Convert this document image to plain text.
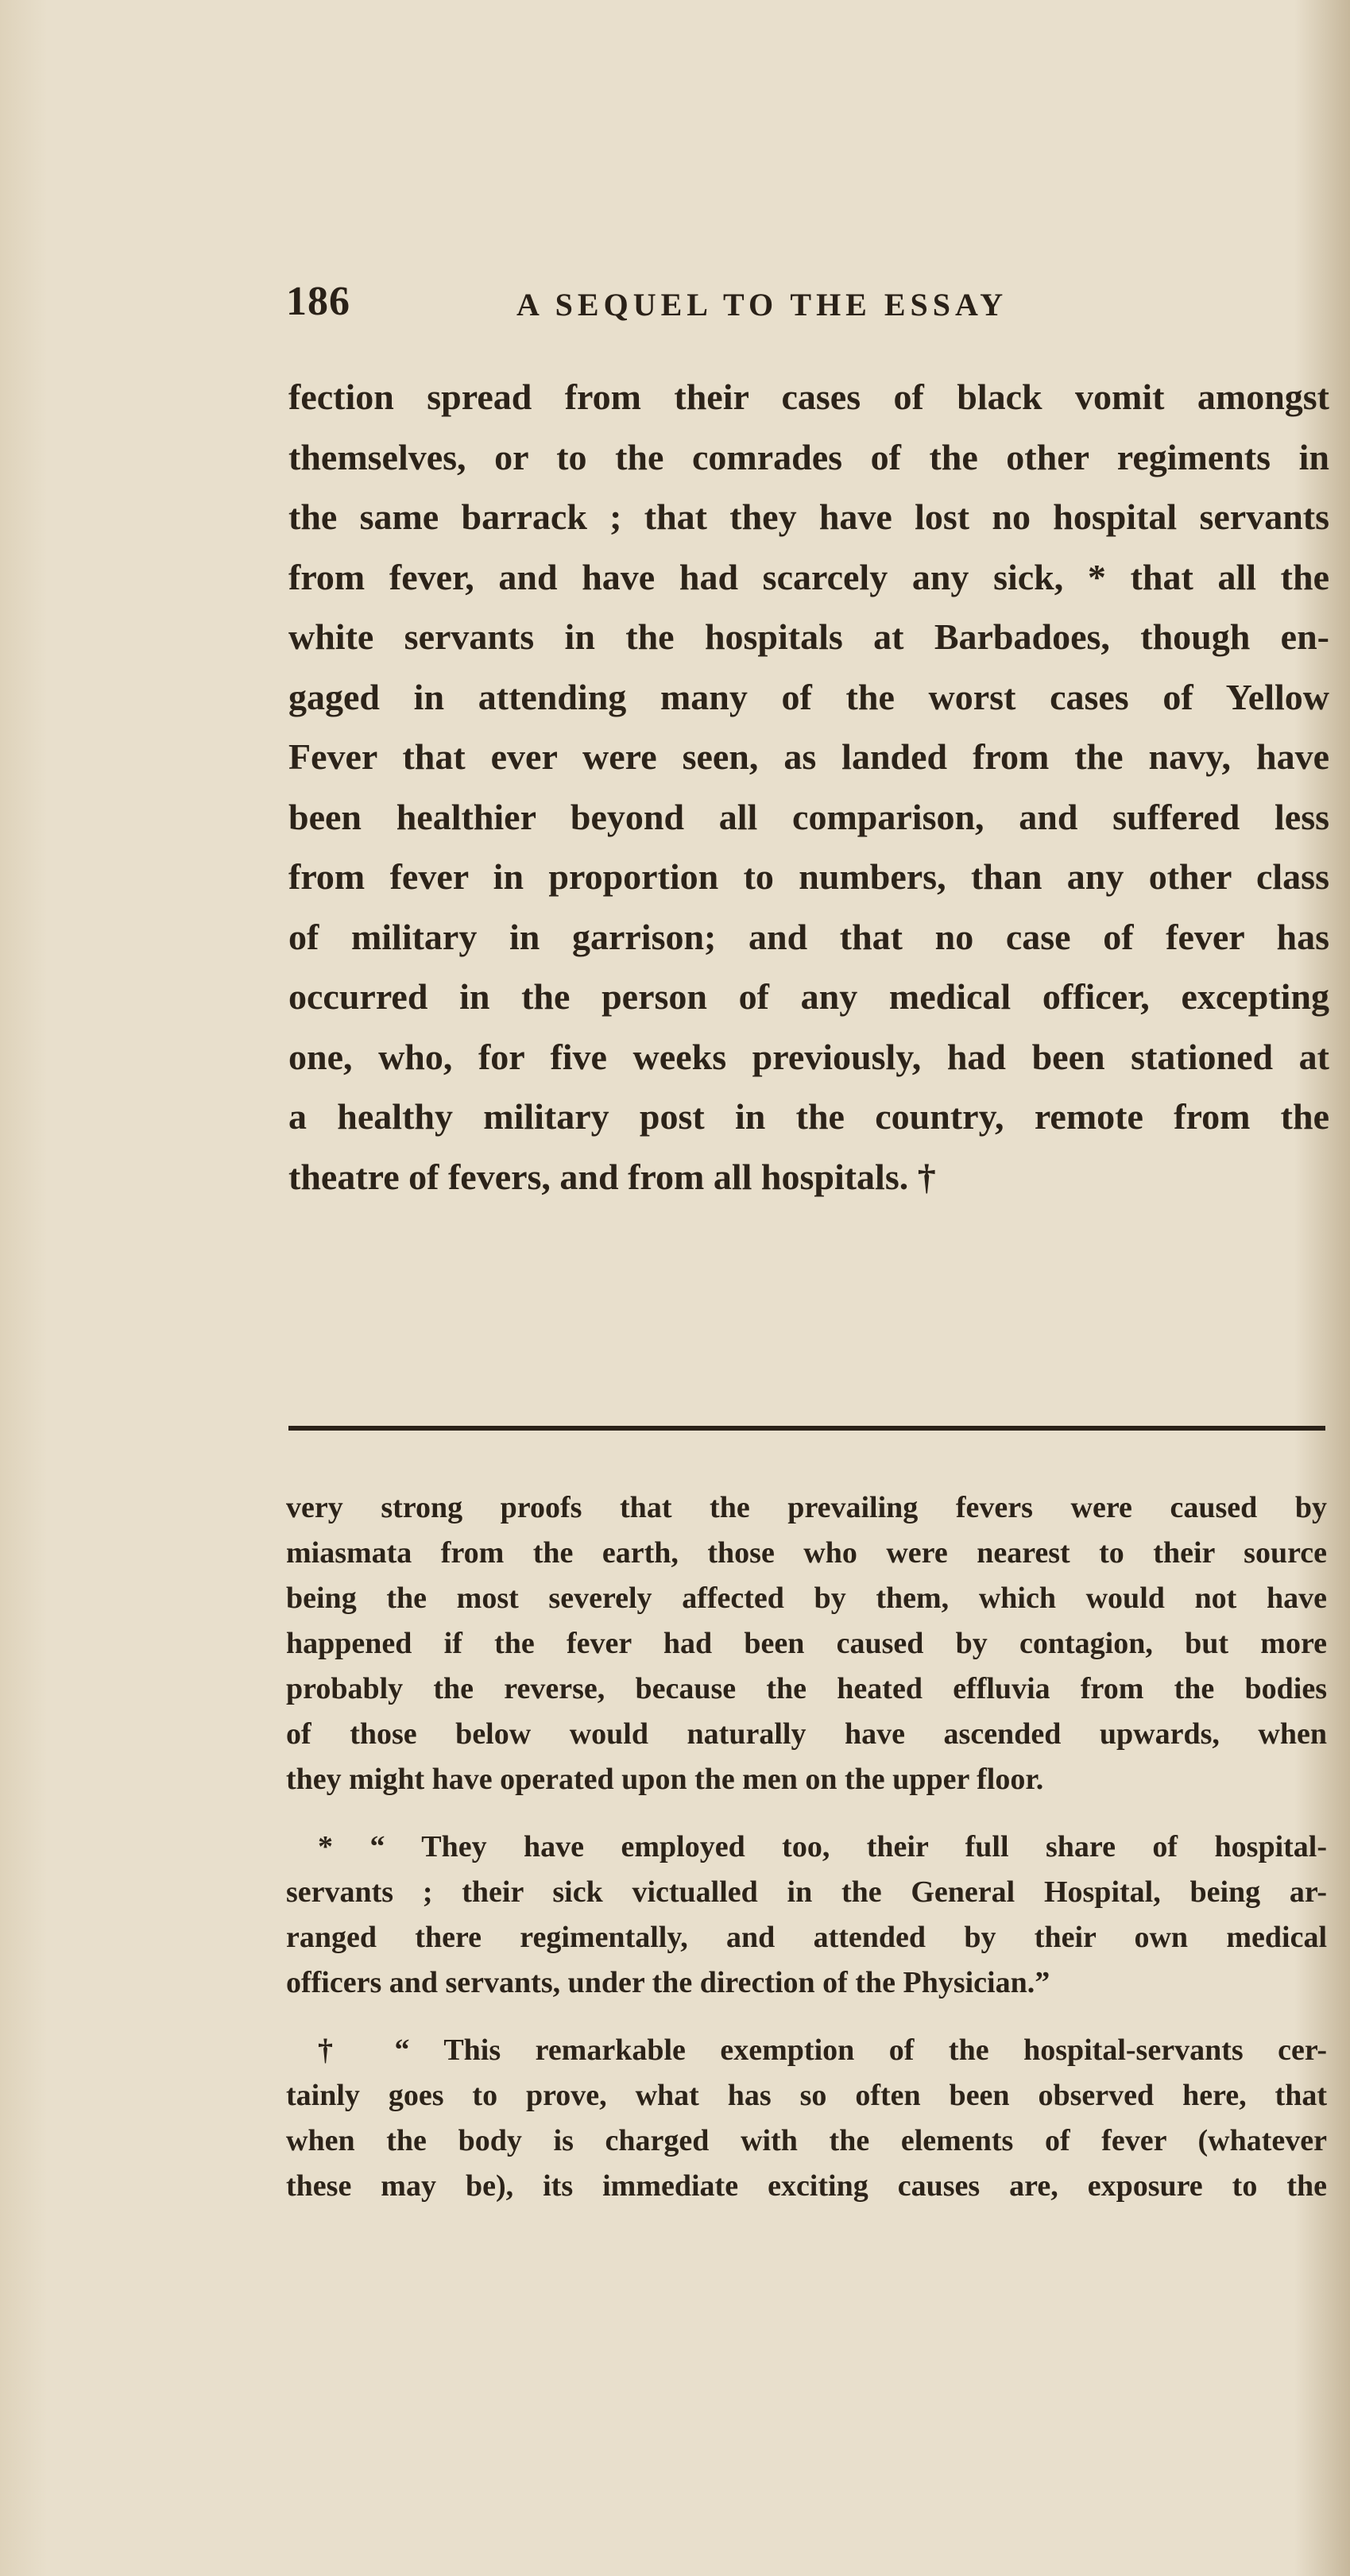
186	A SEQUEL TO THE ESSAY
fection spread from their cases of black vomit amongst
themselves, or to the comrades of the other regiments in
the same barrack ; that they have lost no hospital servants
from fever, and have had scarcely any sick, * that all the
white servants in the hospitals at Barbadoes, though en-
gaged in attending many of the worst cases of Yellow
Fever that ever were seen, as landed from the navy, have
been healthier beyond all comparison, and suffered less
from fever in proportion to numbers, than any other class
of military in garrison; and that no case of fever has
occurred in the person of any medical officer, excepting
one, who, for five weeks previously, had been stationed at
a healthy military post in the country, remote from the
theatre of fevers, and from all hospitals. †
very strong proofs that the prevailing fevers were caused by
miasmata from the earth, those who were nearest to their source
being the most severely affected by them, which would not have
happened if the fever had been caused by contagion, but more
probably the reverse, because the heated effluvia from the bodies
of those below would naturally have ascended upwards, when
they might have operated upon the men on the upper floor.
* “ They have employed too, their full share of hospital-
servants ; their sick victualled in the General Hospital, being ar-
ranged there regimentally, and attended by their own medical
officers and servants, under the direction of the Physician.”
† “ This remarkable exemption of the hospital-servants cer-
tainly goes to prove, what has so often been observed here, that
when the body is charged with the elements of fever (whatever
these may be), its immediate exciting causes are, exposure to the
